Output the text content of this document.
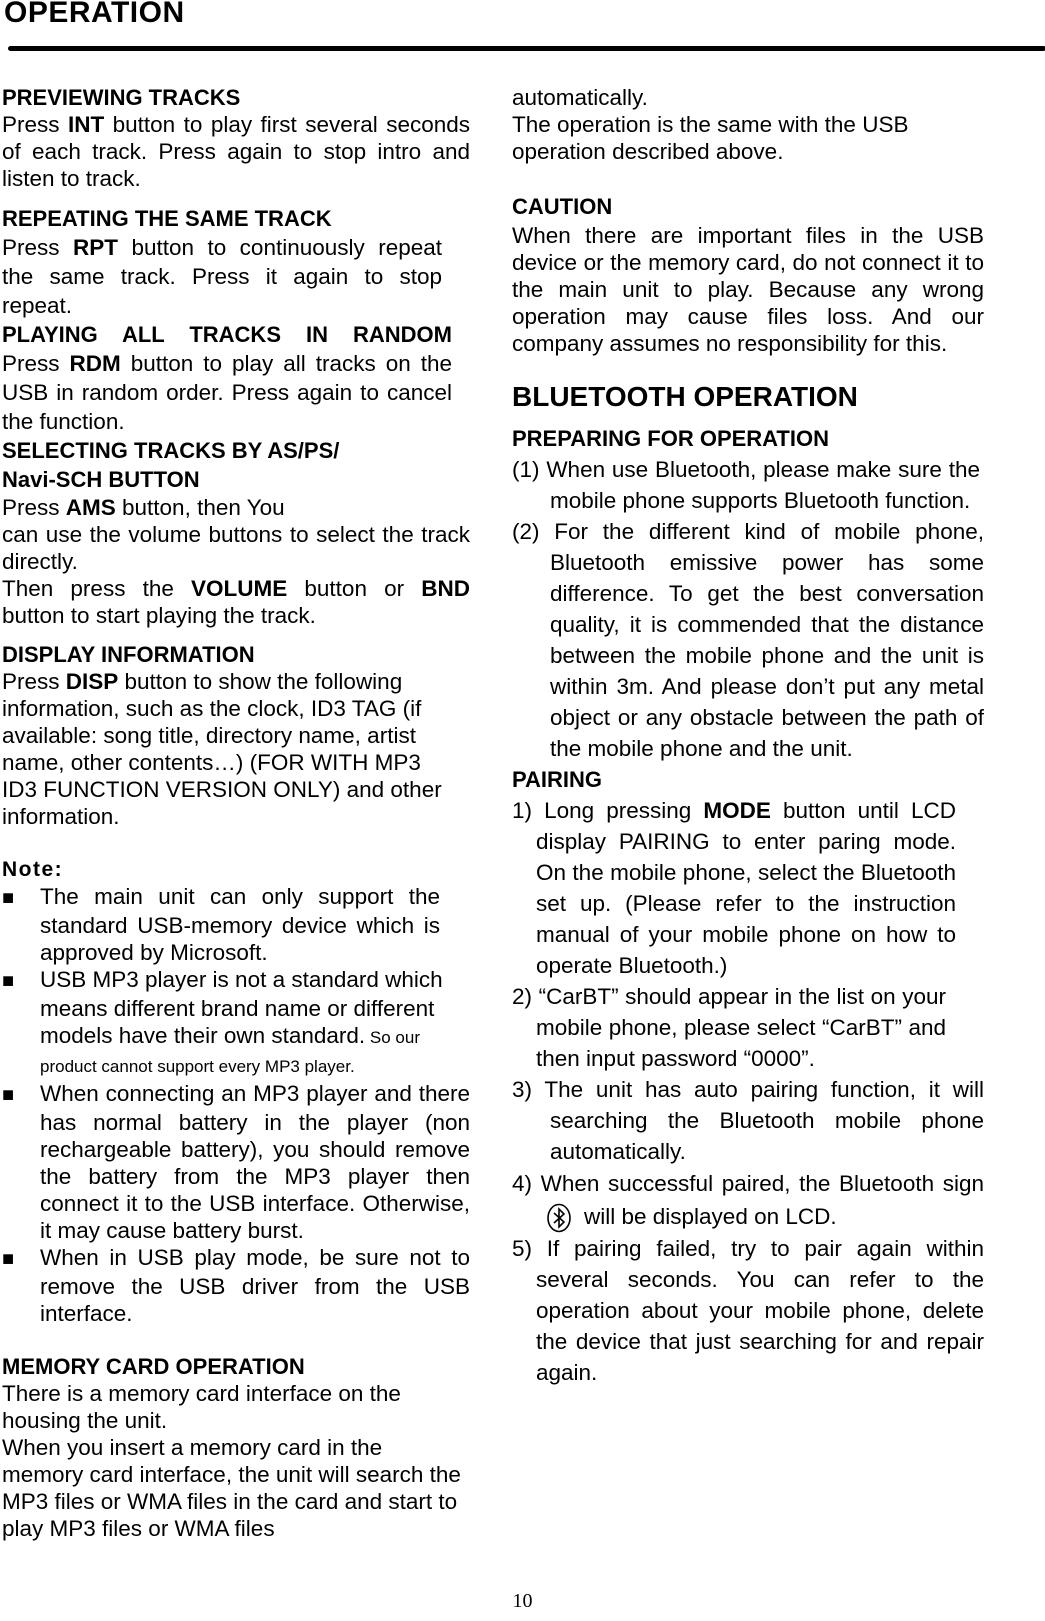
OPERATION

PREVIEWING TRACKS

Press INT button to play first several seconds of each track. Press again to stop intro and listen to track.

REPEATING THE SAME TRACK

Press RPT button to continuously repeat the same track. Press it again to stop repeat.

PLAYING ALL TRACKS IN RANDOM

Press RDM button to play all tracks on the USB in random order. Press again to cancel the function.

SELECTING TRACKS BY AS/PS/

Navi-SCH BUTTON

Press AMS button, then You

can use the volume buttons to select the track directly.

Then press the VOLUME button or BND button to start playing the track.

DISPLAY INFORMATION

Press DISP button to show the following information, such as the clock, ID3 TAG (if available: song title, directory name, artist name, other contents…) (FOR WITH MP3 ID3 FUNCTION VERSION ONLY) and other information.

Note:

■ The main unit can only support the standard USB-memory device which is approved by Microsoft.

■ USB MP3 player is not a standard which means different brand name or different models have their own standard. So our product cannot support every MP3 player.

■ When connecting an MP3 player and there has normal battery in the player (non rechargeable battery), you should remove the battery from the MP3 player then connect it to the USB interface. Otherwise, it may cause battery burst.

■ When in USB play mode, be sure not to remove the USB driver from the USB interface.

MEMORY CARD OPERATION

There is a memory card interface on the housing the unit.

When you insert a memory card in the memory card interface, the unit will search the MP3 files or WMA files in the card and start to play MP3 files or WMA files

automatically.

The operation is the same with the USB operation described above.

CAUTION

When there are important files in the USB device or the memory card, do not connect it to the main unit to play. Because any wrong operation may cause files loss. And our company assumes no responsibility for this.

BLUETOOTH OPERATION

PREPARING FOR OPERATION

(1) When use Bluetooth, please make sure the mobile phone supports Bluetooth function.

(2) For the different kind of mobile phone, Bluetooth emissive power has some difference. To get the best conversation quality, it is commended that the distance between the mobile phone and the unit is within 3m. And please don’t put any metal object or any obstacle between the path of the mobile phone and the unit.

PAIRING

1) Long pressing MODE button until LCD display PAIRING to enter paring mode. On the mobile phone, select the Bluetooth set up. (Please refer to the instruction manual of your mobile phone on how to operate Bluetooth.)

2) “CarBT” should appear in the list on your mobile phone, please select “CarBT” and then input password “0000”.

3) The unit has auto pairing function, it will searching the Bluetooth mobile phone automatically.

4) When successful paired, the Bluetooth signwill be displayed on LCD.

5) If pairing failed, try to pair again within several seconds. You can refer to the operation about your mobile phone, delete the device that just searching for and repair again.

10
